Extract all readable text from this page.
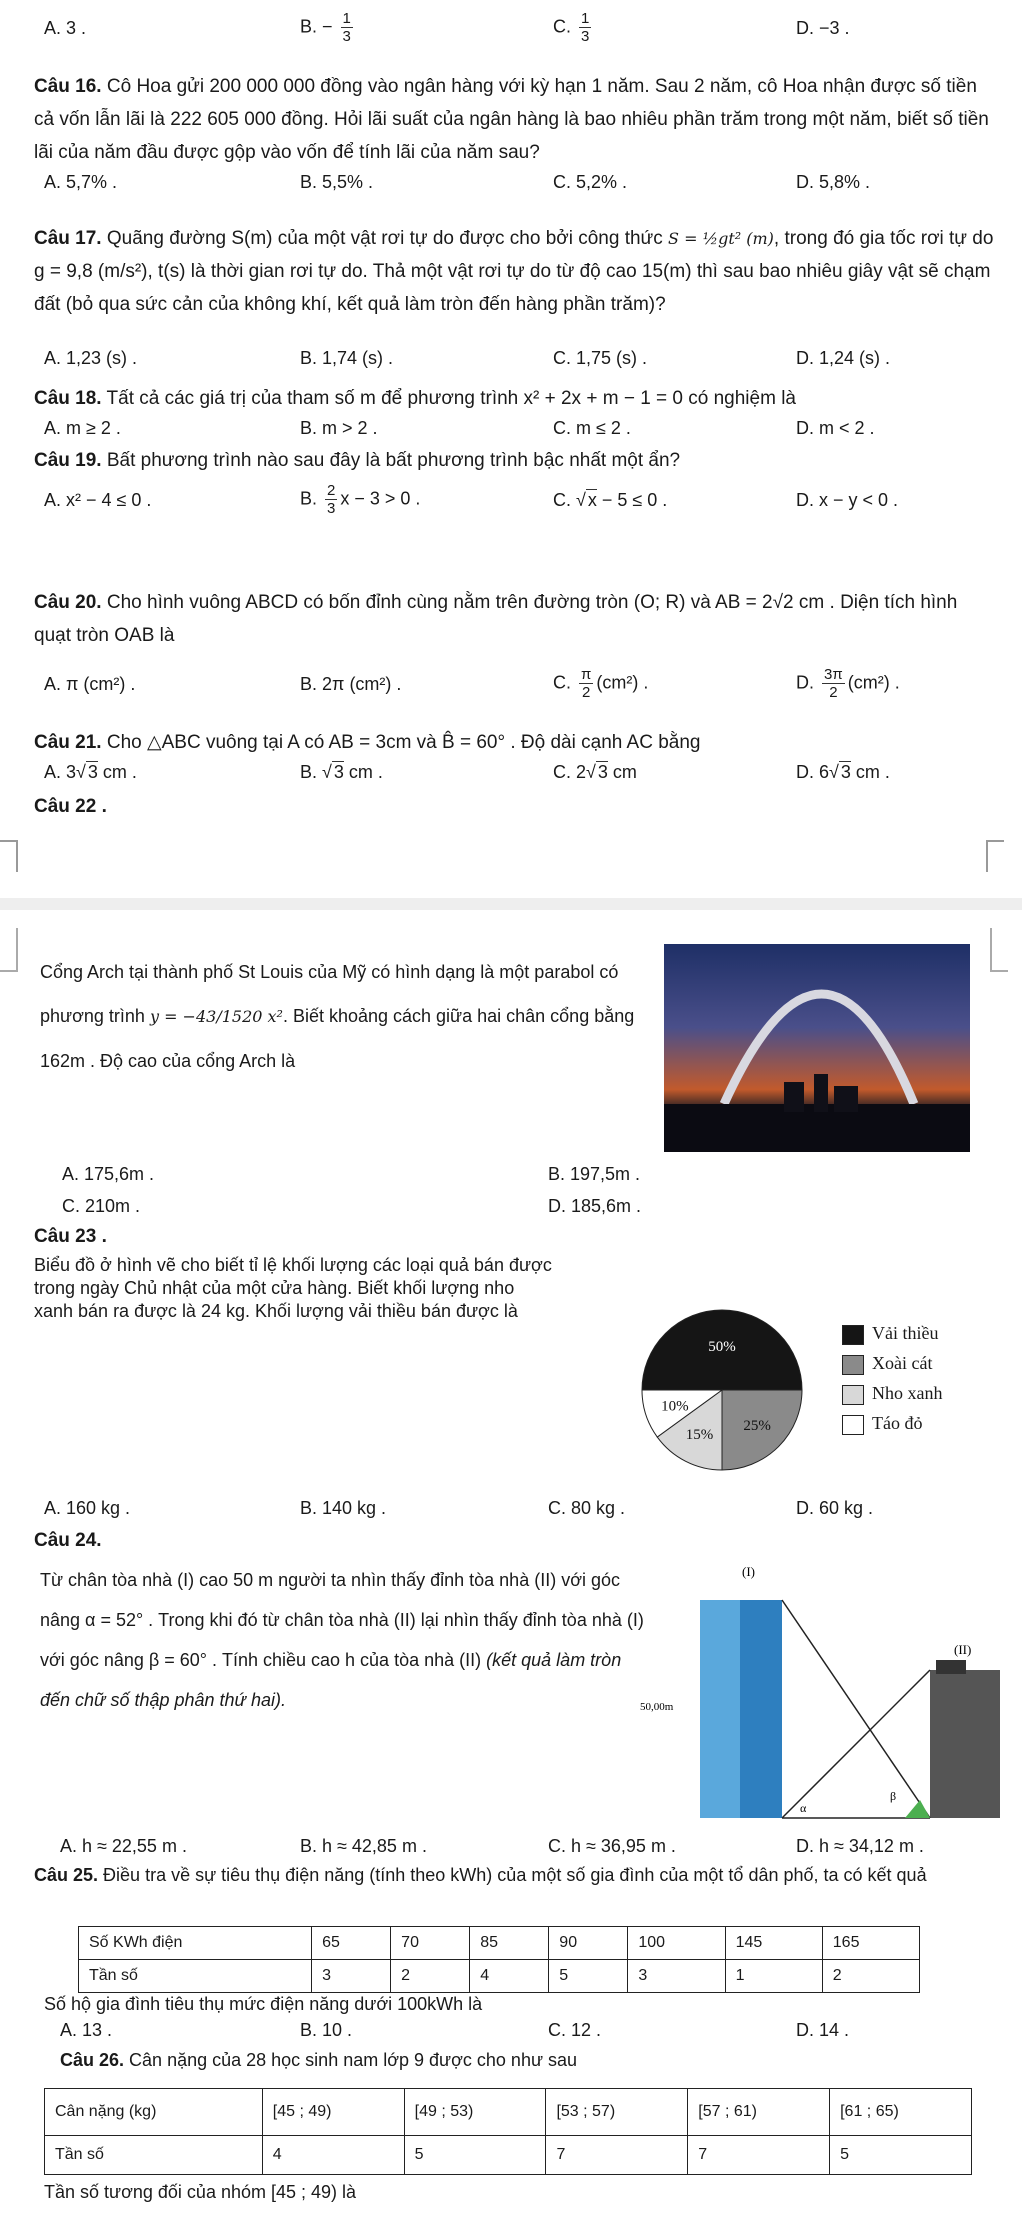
A. 3 .	B. − $\frac{1}{3}$	C. $\frac{1}{3}$	D. −3 .
Câu 16. Cô Hoa gửi 200 000 000 đồng vào ngân hàng với kỳ hạn 1 năm. Sau 2 năm, cô Hoa nhận được số tiền cả vốn lẫn lãi là 222 605 000 đồng. Hỏi lãi suất của ngân hàng là bao nhiêu phần trăm trong một năm, biết số tiền lãi của năm đầu được gộp vào vốn để tính lãi của năm sau?
A. 5,7% .	B. 5,5% .	C. 5,2% .	D. 5,8% .
Câu 17. Quãng đường S(m) của một vật rơi tự do được cho bởi công thức S = ½gt² (m), trong đó gia tốc rơi tự do g = 9,8 (m/s²), t(s) là thời gian rơi tự do. Thả một vật rơi tự do từ độ cao 15(m) thì sau bao nhiêu giây vật sẽ chạm đất (bỏ qua sức cản của không khí, kết quả làm tròn đến hàng phần trăm)?
A. 1,23 (s) .	B. 1,74 (s) .	C. 1,75 (s) .	D. 1,24 (s) .
Câu 18. Tất cả các giá trị của tham số m để phương trình x² + 2x + m − 1 = 0 có nghiệm là
A. m ≥ 2 .	B. m > 2 .	C. m ≤ 2 .	D. m < 2 .
Câu 19. Bất phương trình nào sau đây là bất phương trình bậc nhất một ẩn?
A. x² − 4 ≤ 0 .	B. $\frac{2}{3}$ x − 3 > 0 .	C. √ x − 5 ≤ 0 .	D. x − y < 0 .
Câu 20. Cho hình vuông ABCD có bốn đỉnh cùng nằm trên đường tròn (O; R) và AB = 2√2 cm . Diện tích hình quạt tròn OAB là
A. π (cm²) .	B. 2π (cm²) .	C. $\frac{\pi}{2} (cm^2)$ .	D. $\frac{3\pi}{2} (cm^2)$ .
Câu 21. Cho △ABC vuông tại A có AB = 3cm và B̂ = 60° . Độ dài cạnh AC bằng
A. 3√ 3 cm .	B. √ 3 cm .	C. 2√ 3 cm	D. 6√ 3 cm .
Câu 22 .
Cổng Arch tại thành phố St Louis của Mỹ có hình dạng là một parabol có phương trình y = −43/1520 x². Biết khoảng cách giữa hai chân cổng bằng 162m . Độ cao của cổng Arch là
A. 175,6m .	B. 197,5m .
C. 210m .	D. 185,6m .
Câu 23 .
Biểu đồ ở hình vẽ cho biết tỉ lệ khối lượng các loại quả bán được trong ngày Chủ nhật của một cửa hàng. Biết khối lượng nho xanh bán ra được là 24 kg. Khối lượng vải thiều bán được là
50%
25%
15%
10%
Vải thiều
Xoài cát
Nho xanh
Táo đỏ
A. 160 kg .	B. 140 kg .	C. 80 kg .	D. 60 kg .
Câu 24.
Từ chân tòa nhà (I) cao 50 m người ta nhìn thấy đỉnh tòa nhà (II) với góc nâng α = 52° . Trong khi đó từ chân tòa nhà (II) lại nhìn thấy đỉnh tòa nhà (I) với góc nâng β = 60° . Tính chiều cao h của tòa nhà (II) (kết quả làm tròn đến chữ số thập phân thứ hai).
(I)
(II)
50,00m
α
β
A. h ≈ 22,55 m .	B. h ≈ 42,85 m .	C. h ≈ 36,95 m .	D. h ≈ 34,12 m .
Câu 25. Điều tra về sự tiêu thụ điện năng (tính theo kWh) của một số gia đình của một tổ dân phố, ta có kết quả
Số KWh điện	65	70	85	90	100	145	165
Tần số	3	2	4	5	3	1	2
Số hộ gia đình tiêu thụ mức điện năng dưới 100kWh là
A. 13 .	B. 10 .	C. 12 .	D. 14 .
Câu 26. Cân nặng của 28 học sinh nam lớp 9 được cho như sau
Cân nặng (kg)	[45 ; 49)	[49 ; 53)	[53 ; 57)	[57 ; 61)	[61 ; 65)
Tần số	4	5	7	7	5
Tần số tương đối của nhóm [45 ; 49) là
